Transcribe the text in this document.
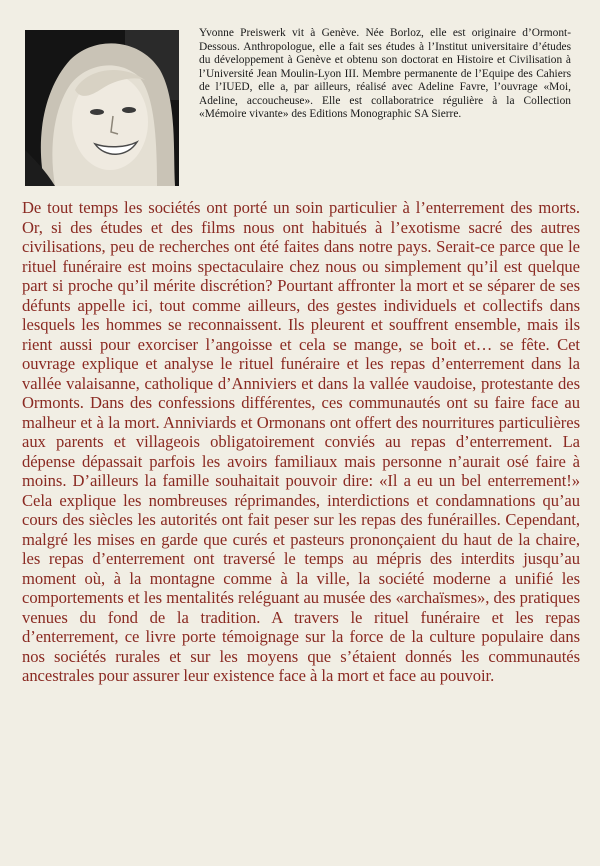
Yvonne Preiswerk vit à Genève. Née Borloz, elle est originaire d’Ormont-Dessous. Anthropologue, elle a fait ses études à l’Institut universitaire d’études du développement à Genève et obtenu son doctorat en Histoire et Civilisation à l’Université Jean Moulin-Lyon III. Membre permanente de l’Equipe des Cahiers de l’IUED, elle a, par ailleurs, réalisé avec Adeline Favre, l’ouvrage «Moi, Adeline, accoucheuse». Elle est collaboratrice régulière à la Collection «Mémoire vivante» des Editions Monographic SA Sierre.

De tout temps les sociétés ont porté un soin particulier à l’enterrement des morts. Or, si des études et des films nous ont habitués à l’exotisme sacré des autres civilisations, peu de recherches ont été faites dans notre pays. Serait-ce parce que le rituel funéraire est moins spectaculaire chez nous ou simplement qu’il est quelque part si proche qu’il mérite discrétion? Pourtant affronter la mort et se séparer de ses défunts appelle ici, tout comme ailleurs, des gestes individuels et collectifs dans lesquels les hommes se reconnaissent. Ils pleurent et souffrent ensemble, mais ils rient aussi pour exorciser l’angoisse et cela se mange, se boit et… se fête. Cet ouvrage explique et analyse le rituel funéraire et les repas d’enterrement dans la vallée valaisanne, catholique d’Anniviers et dans la vallée vaudoise, protestante des Ormonts. Dans des confessions différentes, ces communautés ont su faire face au malheur et à la mort. Anniviards et Ormonans ont offert des nourritures particulières aux parents et villageois obligatoirement conviés au repas d’enterrement. La dépense dépassait parfois les avoirs familiaux mais personne n’aurait osé faire à moins. D’ailleurs la famille souhaitait pouvoir dire: «Il a eu un bel enterrement!» Cela explique les nombreuses réprimandes, interdictions et condamnations qu’au cours des siècles les autorités ont fait peser sur les repas des funérailles. Cependant, malgré les mises en garde que curés et pasteurs prononçaient du haut de la chaire, les repas d’enterrement ont traversé le temps au mépris des interdits jusqu’au moment où, à la montagne comme à la ville, la société moderne a unifié les comportements et les mentalités reléguant au musée des «archaïsmes», des pratiques venues du fond de la tradition. A travers le rituel funéraire et les repas d’enterrement, ce livre porte témoignage sur la force de la culture populaire dans nos sociétés rurales et sur les moyens que s’étaient donnés les communautés ancestrales pour assurer leur existence face à la mort et face au pouvoir.
